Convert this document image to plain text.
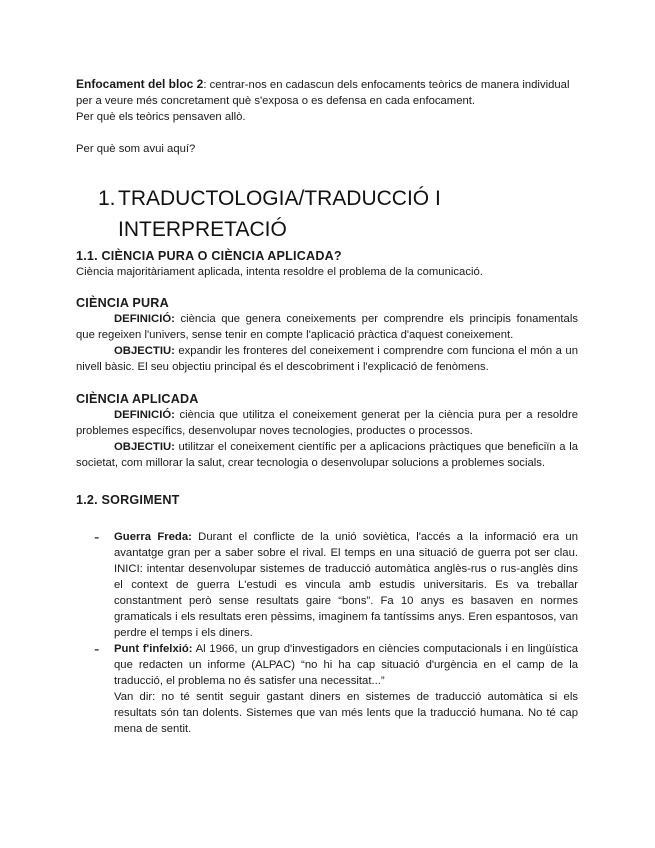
Enfocament del bloc 2: centrar-nos en cadascun dels enfocaments teòrics de manera individual per a veure més concretament què s'exposa o es defensa en cada enfocament.

Per què els teòrics pensaven allò.

Per què som avui aquí?

1. TRADUCTOLOGIA/TRADUCCIÓ I INTERPRETACIÓ

1.1. CIÈNCIA PURA O CIÈNCIA APLICADA?

Ciència majoritàriament aplicada, intenta resoldre el problema de la comunicació.

CIÈNCIA PURA

DEFINICIÓ: ciència que genera coneixements per comprendre els principis fonamentals que regeixen l'univers, sense tenir en compte l'aplicació pràctica d'aquest coneixement.

OBJECTIU: expandir les fronteres del coneixement i comprendre com funciona el món a un nivell bàsic. El seu objectiu principal és el descobriment i l'explicació de fenòmens.

CIÈNCIA APLICADA

DEFINICIÓ: ciència que utilitza el coneixement generat per la ciència pura per a resoldre problemes específics, desenvolupar noves tecnologies, productes o processos.

OBJECTIU: utilitzar el coneixement científic per a aplicacions pràctiques que beneficiïn a la societat, com millorar la salut, crear tecnologia o desenvolupar solucions a problemes socials.

1.2. SORGIMENT

- Guerra Freda: Durant el conflicte de la unió soviètica, l'accés a la informació era un avantatge gran per a saber sobre el rival. El temps en una situació de guerra pot ser clau. INICI: intentar desenvolupar sistemes de traducció automàtica anglès-rus o rus-anglès dins el context de guerra L'estudi es vincula amb estudis universitaris. Es va treballar constantment però sense resultats gaire “bons”. Fa 10 anys es basaven en normes gramaticals i els resultats eren pèssims, imaginem fa tantíssims anys. Eren espantosos, van perdre el temps i els diners.

- Punt f'infelxió: Al 1966, un grup d'investigadors en ciències computacionals i en lingüística que redacten un informe (ALPAC) “no hi ha cap situació d'urgència en el camp de la traducció, el problema no és satisfer una necessitat...”

Van dir: no té sentit seguir gastant diners en sistemes de traducció automàtica si els resultats són tan dolents. Sistemes que van més lents que la traducció humana. No té cap mena de sentit.
